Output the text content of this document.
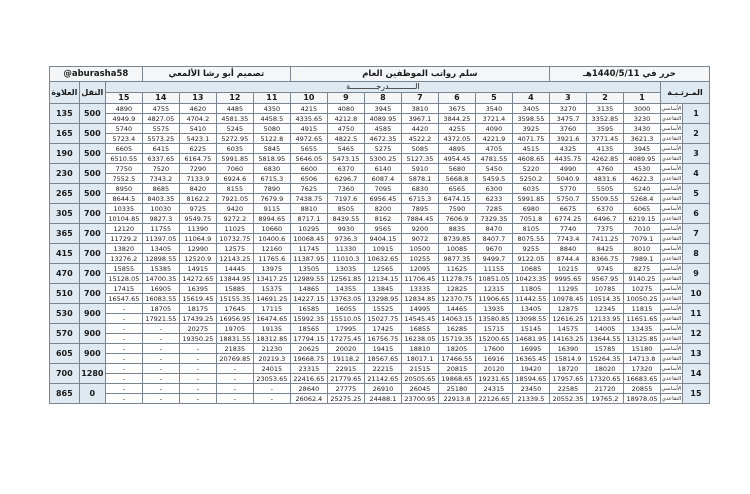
حرر في 1440/5/11هـ					سلم رواتب الموظفين العام							تصميم أبو رشا الألمعي				@aburasha58		
المـرتـبـة		الـــــــــــدرجـــــــــــة															النقل	العلاوة
		1	2	3	4	5	6	7	8	9	10	11	12	13	14	15		
1	الأساسي	3000	3135	3270	3405	3540	3675	3810	3945	4080	4215	4350	4485	4620	4755	4890	500	135
	التقاعدي	3230	3352.85	3475.7	3598.55	3721.4	3844.25	3967.1	4089.95	4212.8	4335.65	4458.5	4581.35	4704.2	4827.05	4949.9		
2	الأساسي	3430	3595	3760	3925	4090	4255	4420	4585	4750	4915	5080	5245	5410	5575	5740	500	165
	التقاعدي	3621.3	3771.45	3921.6	4071.75	4221.9	4372.05	4522.2	4672.35	4822.5	4972.65	5122.8	5272.95	5423.1	5573.25	5723.4		
3	الأساسي	3945	4135	4325	4515	4705	4895	5085	5275	5465	5655	5845	6035	6225	6415	6605	500	190
	التقاعدي	4089.95	4262.85	4435.75	4608.65	4781.55	4954.45	5127.35	5300.25	5473.15	5646.05	5818.95	5991.85	6164.75	6337.65	6510.55		
4	الأساسي	4530	4760	4990	5220	5450	5680	5910	6140	6370	6600	6830	7060	7290	7520	7750	500	230
	التقاعدي	4622.3	4831.6	5040.9	5250.2	5459.5	5668.8	5878.1	6087.4	6296.7	6506	6715.3	6924.6	7133.9	7343.2	7552.5		
5	الأساسي	5240	5505	5770	6035	6300	6565	6830	7095	7360	7625	7890	8155	8420	8685	8950	500	265
	التقاعدي	5268.4	5509.55	5750.7	5991.85	6233	6474.15	6715.3	6956.45	7197.6	7438.75	7679.9	7921.05	8162.2	8403.35	8644.5		
6	الأساسي	6065	6370	6675	6980	7285	7590	7895	8200	8505	8810	9115	9420	9725	10030	10335	700	305
	التقاعدي	6219.15	6496.7	6774.25	7051.8	7329.35	7606.9	7884.45	8162	8439.55	8717.1	8994.65	9272.2	9549.75	9827.3	10104.85		
7	الأساسي	7010	7375	7740	8105	8470	8835	9200	9565	9930	10295	10660	11025	11390	11755	12120	700	365
	التقاعدي	7079.1	7411.25	7743.4	8075.55	8407.7	8739.85	9072	9404.15	9736.3	10068.45	10400.6	10732.75	11064.9	11397.05	11729.2		
8	الأساسي	8010	8425	8840	9255	9670	10085	10500	10915	11330	11745	12160	12575	12990	13405	13820	700	415
	التقاعدي	7989.1	8366.75	8744.4	9122.05	9499.7	9877.35	10255	10632.65	11010.3	11387.95	11765.6	12143.25	12520.9	12898.55	13276.2		
9	الأساسي	8275	9745	10215	10685	11155	11625	12095	12565	13035	13505	13975	14445	14915	15385	15855	700	470
	التقاعدي	9140.25	9567.95	9995.65	10423.35	10851.05	11278.75	11706.45	12134.15	12561.85	12989.55	13417.25	13844.95	14272.65	14700.35	15128.05		
10	الأساسي	10275	10785	11295	11805	12315	12825	13335	13845	14355	14865	15375	15885	16395	16905	17415	700	510
	التقاعدي	10050.25	10514.35	10978.45	11442.55	11906.65	12370.75	12834.85	13298.95	13763.05	14227.15	14691.25	15155.35	15619.45	16083.55	16547.65		
11	الأساسي	11815	12345	12875	13405	13935	14465	14995	15525	16055	16585	17115	17645	18175	18705	-	900	530
	التقاعدي	11651.65	12133.95	12616.25	13098.55	13580.85	14063.15	14545.45	15027.75	15510.05	15992.35	16474.65	16956.95	17439.25	17921.55	-		
12	الأساسي	13435	14005	14575	15145	15715	16285	16855	17425	17995	18565	19135	19705	20275	-	-	900	570
	التقاعدي	13125.85	13644.55	14163.25	14681.95	15200.65	15719.35	16238.05	16756.75	17275.45	17794.15	18312.85	18831.55	19350.25	-	-		
13	الأساسي	15180	15785	16390	16995	17600	18205	18810	19415	20020	20625	21230	21835	-	-	-	900	605
	التقاعدي	14713.8	15264.35	15814.9	16365.45	16916	17466.55	18017.1	18567.65	19118.2	19668.75	20219.3	20769.85	-	-	-		
14	الأساسي	17320	18020	18720	19420	20120	20815	21515	22215	22915	23315	24015	-	-	-	-	1280	700
	التقاعدي	16683.65	17320.65	17957.65	18594.65	19231.65	19868.65	20505.65	21142.65	21779.65	22416.65	23053.65	-	-	-	-		
15	الأساسي	20855	21720	22585	23450	24315	25180	26045	26910	27775	28640	-	-	-	-	-	0	865
	التقاعدي	18978.05	19765.2	20552.35	21339.5	22126.65	22913.8	23700.95	24488.1	25275.25	26062.4	-	-	-	-	-		
